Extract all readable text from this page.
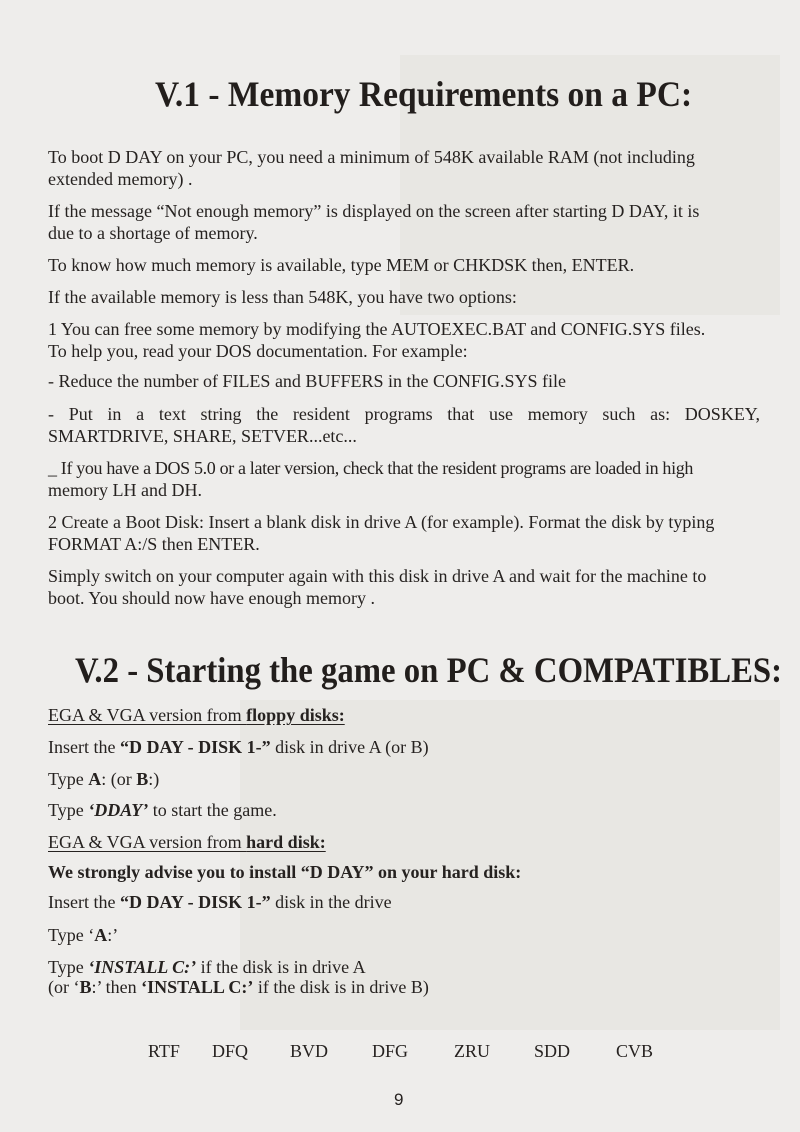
V.1 - Memory Requirements on a PC:

To boot D DAY on your PC, you need a minimum of 548K available RAM (not including

extended memory) .

If the message “Not enough memory” is displayed on the screen after starting D DAY, it is

due to a shortage of memory.

To know how much memory is available, type MEM or CHKDSK then, ENTER.

If the available memory is less than 548K, you have two options:

1 You can free some memory by modifying the AUTOEXEC.BAT and CONFIG.SYS files.

To help you, read your DOS documentation. For example:

- Reduce the number of FILES and BUFFERS in the CONFIG.SYS file

- Put in a text string the resident programs that use memory such as: DOSKEY,

SMARTDRIVE, SHARE, SETVER...etc...

_ If you have a DOS 5.0 or a later version, check that the resident programs are loaded in high

memory LH and DH.

2 Create a Boot Disk: Insert a blank disk in drive A (for example). Format the disk by typing

FORMAT A:/S then ENTER.

Simply switch on your computer again with this disk in drive A and wait for the machine to

boot. You should now have enough memory .

V.2 - Starting the game on PC & COMPATIBLES:

EGA & VGA version from floppy disks:

Insert the “D DAY - DISK 1-” disk in drive A (or B)

Type A: (or B:)

Type ‘DDAY’ to start the game.

EGA & VGA version from hard disk:

We strongly advise you to install “D DAY” on your hard disk:

Insert the “D DAY - DISK 1-” disk in the drive

Type ‘A:’

Type ‘INSTALL C:’ if the disk is in drive A

(or ‘B:’ then ‘INSTALL C:’ if the disk is in drive B)

RTF DFQ BVD DFG	ZRU SDD	CVB
9
